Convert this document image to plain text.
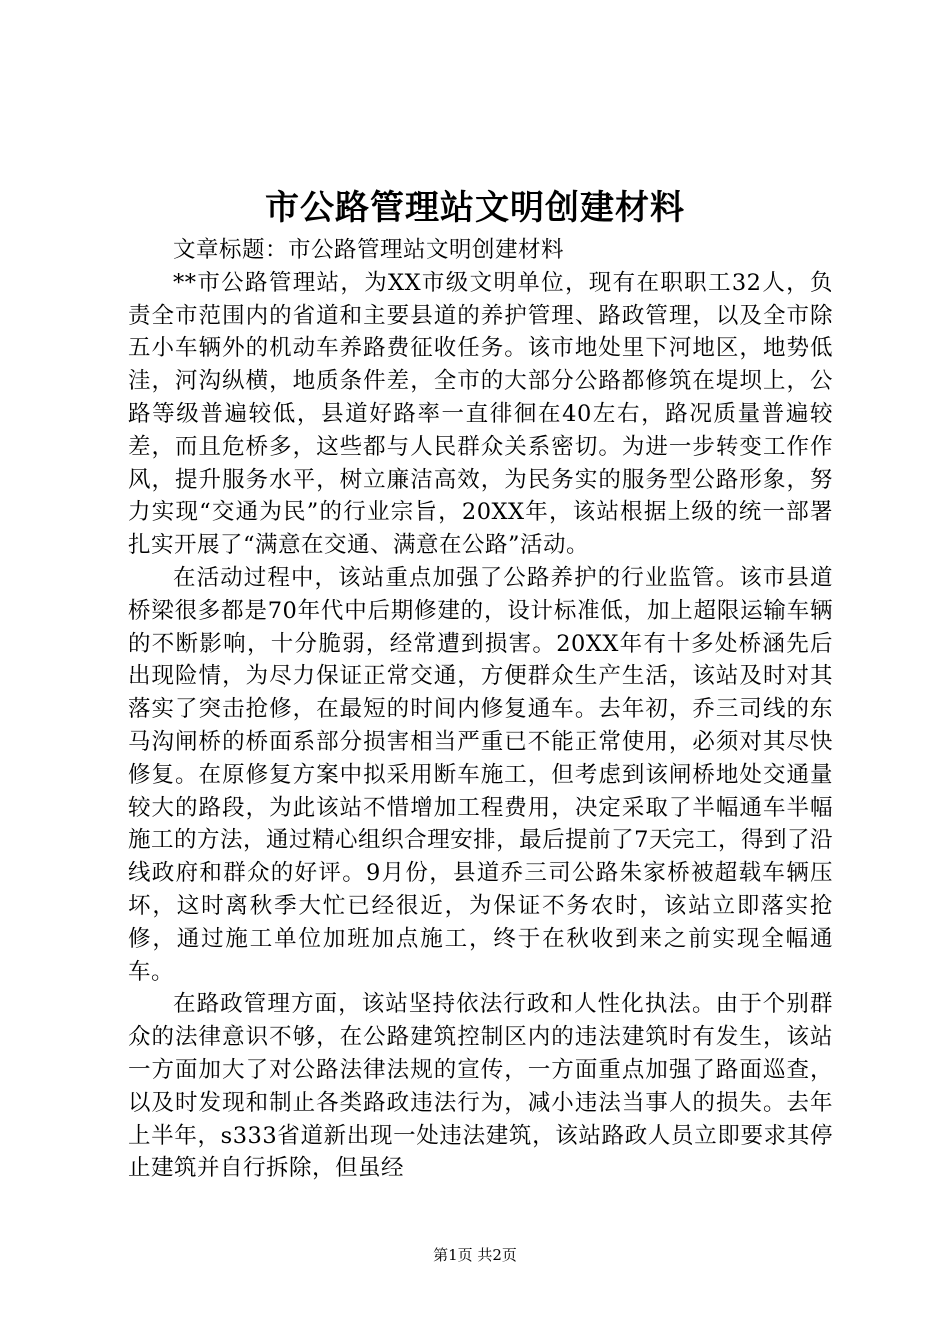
市公路管理站文明创建材料

文章标题：市公路管理站文明创建材料

**市公路管理站，为XX市级文明单位，现有在职职工32人，负责全市范围内的省道和主要县道的养护管理、路政管理，以及全市除五小车辆外的机动车养路费征收任务。该市地处里下河地区，地势低洼，河沟纵横，地质条件差，全市的大部分公路都修筑在堤坝上，公路等级普遍较低，县道好路率一直徘徊在40左右，路况质量普遍较差，而且危桥多，这些都与人民群众关系密切。为进一步转变工作作风，提升服务水平，树立廉洁高效，为民务实的服务型公路形象，努力实现“交通为民”的行业宗旨，20XX年，该站根据上级的统一部署扎实开展了“满意在交通、满意在公路”活动。

在活动过程中，该站重点加强了公路养护的行业监管。该市县道桥梁很多都是70年代中后期修建的，设计标准低，加上超限运输车辆的不断影响，十分脆弱，经常遭到损害。20XX年有十多处桥涵先后出现险情，为尽力保证正常交通，方便群众生产生活，该站及时对其落实了突击抢修，在最短的时间内修复通车。去年初，乔三司线的东马沟闸桥的桥面系部分损害相当严重已不能正常使用，必须对其尽快修复。在原修复方案中拟采用断车施工，但考虑到该闸桥地处交通量较大的路段，为此该站不惜增加工程费用，决定采取了半幅通车半幅施工的方法，通过精心组织合理安排，最后提前了7天完工，得到了沿线政府和群众的好评。9月份，县道乔三司公路朱家桥被超载车辆压坏，这时离秋季大忙已经很近，为保证不务农时，该站立即落实抢修，通过施工单位加班加点施工，终于在秋收到来之前实现全幅通车。

在路政管理方面，该站坚持依法行政和人性化执法。由于个别群众的法律意识不够，在公路建筑控制区内的违法建筑时有发生，该站一方面加大了对公路法律法规的宣传，一方面重点加强了路面巡查，以及时发现和制止各类路政违法行为，减小违法当事人的损失。去年上半年，s333省道新出现一处违法建筑，该站路政人员立即要求其停止建筑并自行拆除，但虽经

第1页 共2页
